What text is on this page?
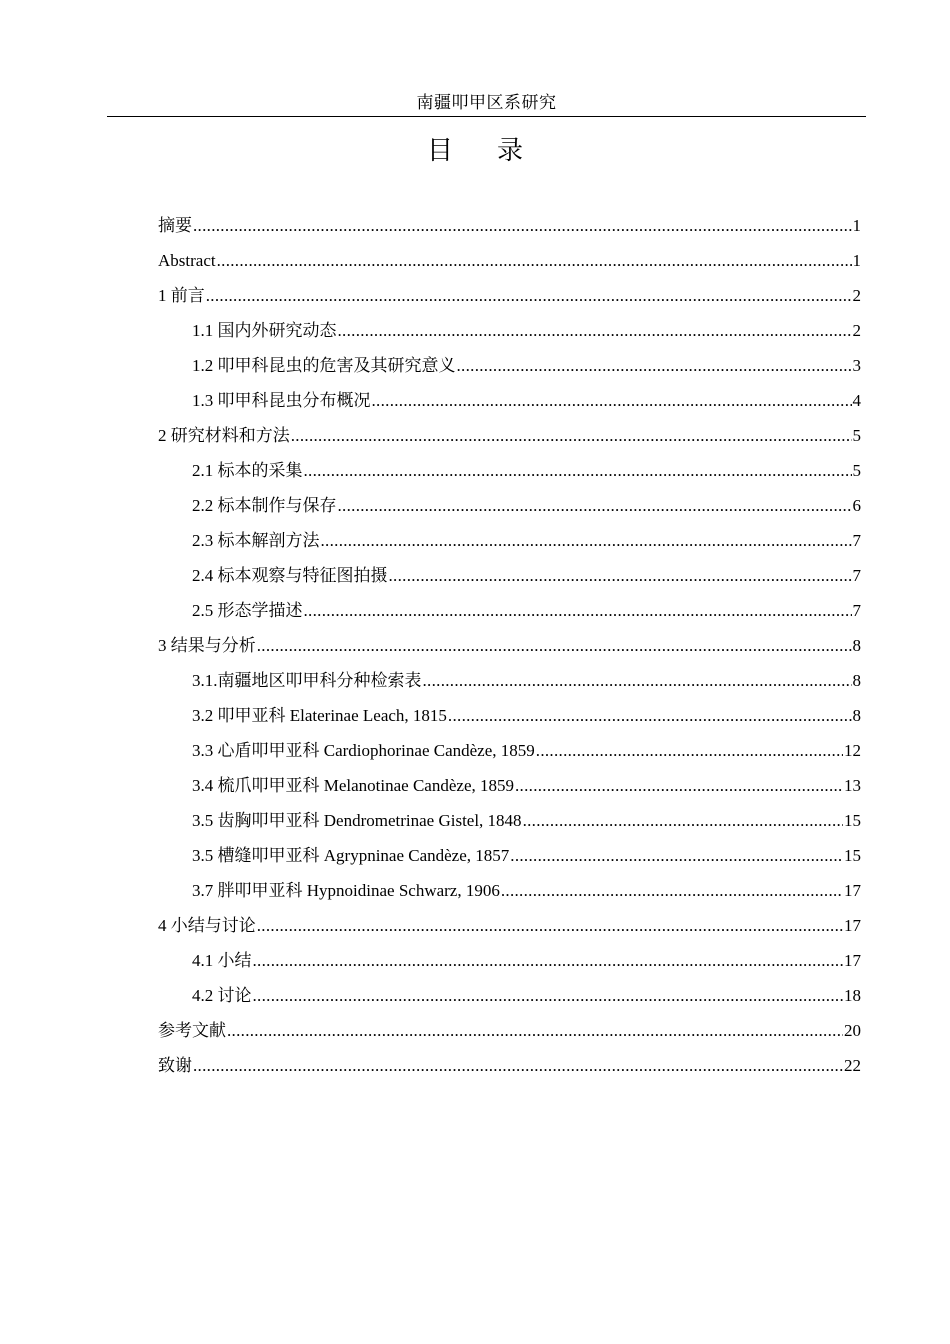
南疆叩甲区系研究
目录
摘要 .....	1
Abstract .....	1
1 前言 .....	2
1.1 国内外研究动态 .....	2
1.2 叩甲科昆虫的危害及其研究意义 .....	3
1.3 叩甲科昆虫分布概况 .....	4
2 研究材料和方法 .....	5
2.1 标本的采集 .....	5
2.2 标本制作与保存 .....	6
2.3 标本解剖方法 .....	7
2.4 标本观察与特征图拍摄 .....	7
2.5 形态学描述 .....	7
3 结果与分析 .....	8
3.1.南疆地区叩甲科分种检索表 .....	8
3.2 叩甲亚科 Elaterinae Leach, 1815 .....	8
3.3 心盾叩甲亚科 Cardiophorinae Candèze, 1859 .....	12
3.4 梳爪叩甲亚科 Melanotinae Candèze, 1859 .....	13
3.5 齿胸叩甲亚科 Dendrometrinae Gistel, 1848 .....	15
3.5 槽缝叩甲亚科 Agrypninae Candèze, 1857 .....	15
3.7 胖叩甲亚科 Hypnoidinae Schwarz, 1906 .....	17
4 小结与讨论 .....	17
4.1 小结 .....	17
4.2 讨论 .....	18
参考文献 .....	20
致谢 .....	22
